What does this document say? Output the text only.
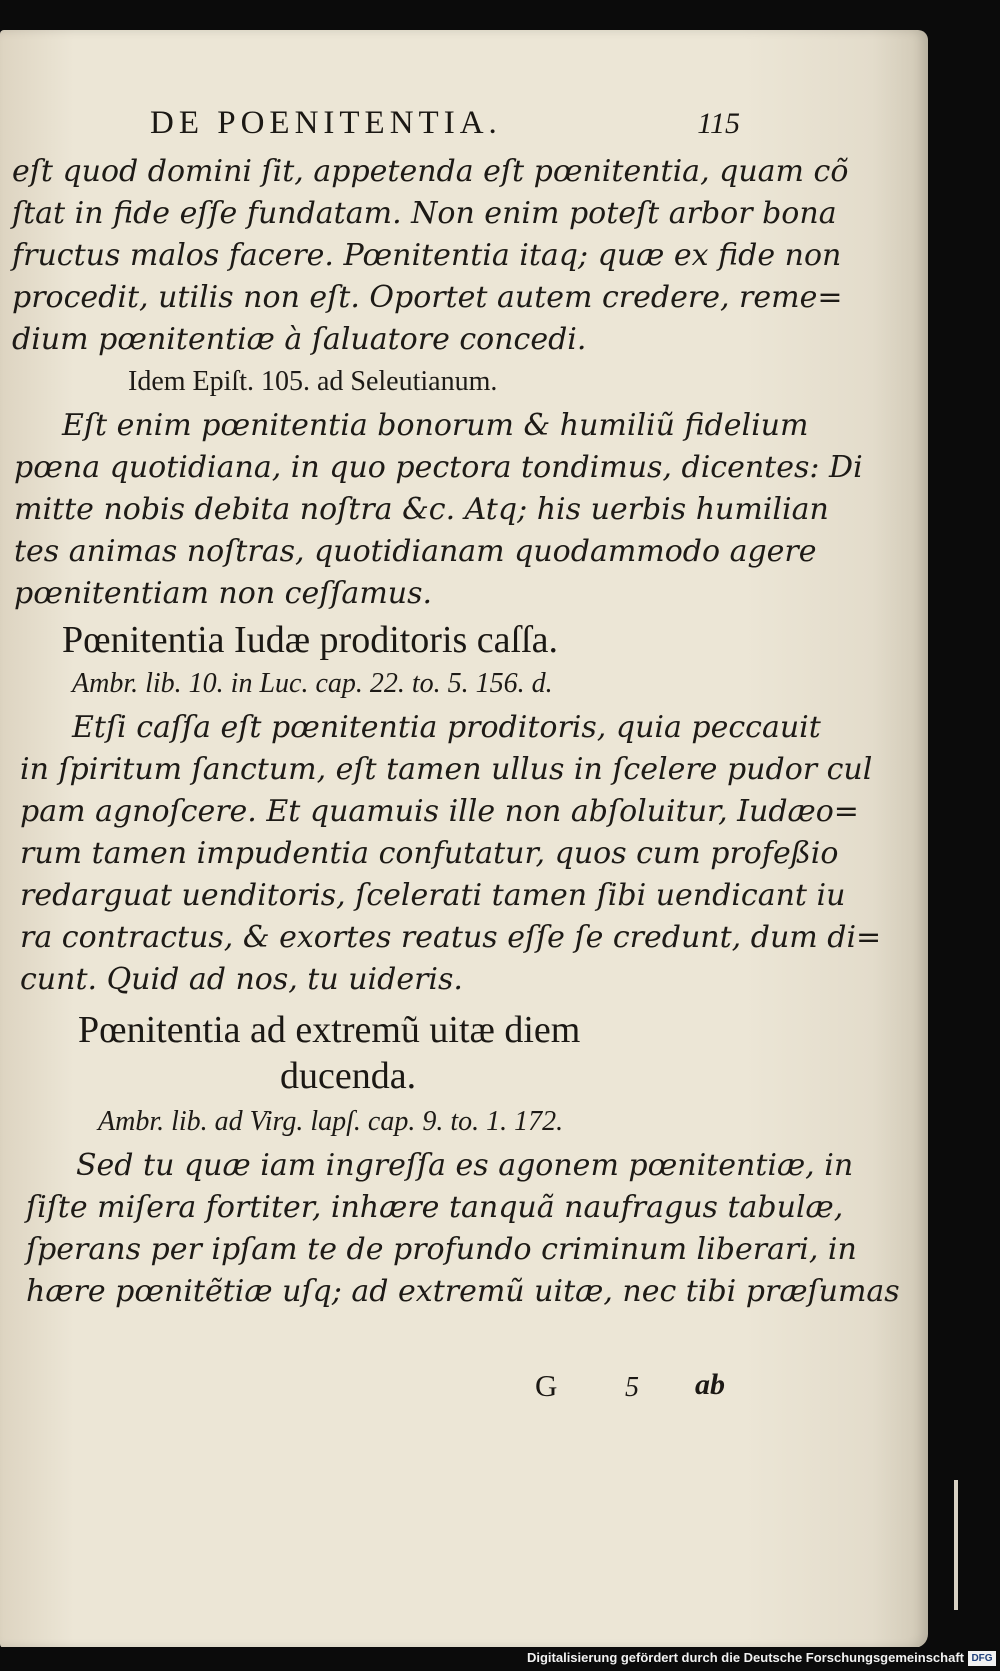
DE POENITENTIA.	115
eſt quod domini ſit, appetenda eſt pœnitentia, quam cõ
ſtat in fide eſſe fundatam. Non enim poteſt arbor bona
fructus malos facere. Pœnitentia itaq; quæ ex fide non
procedit, utilis non eſt. Oportet autem credere, reme=
dium pœnitentiæ à ſaluatore concedi.
Idem Epiſt. 105. ad Seleutianum.
Eſt enim pœnitentia bonorum & humiliũ fidelium
pœna quotidiana, in quo pectora tondimus, dicentes: Di
mitte nobis debita noſtra &c. Atq; his uerbis humilian
tes animas noſtras, quotidianam quodammodo agere
pœnitentiam non ceſſamus.
Pœnitentia Iudæ proditoris caſſa.
Ambr. lib. 10. in Luc. cap. 22. to. 5. 156. d.
Etſi caſſa eſt pœnitentia proditoris, quia peccauit
in ſpiritum ſanctum, eſt tamen ullus in ſcelere pudor cul
pam agnoſcere. Et quamuis ille non abſoluitur, Iudæo=
rum tamen impudentia confutatur, quos cum profeßio
redarguat uenditoris, ſcelerati tamen ſibi uendicant iu
ra contractus, & exortes reatus eſſe ſe credunt, dum di=
cunt. Quid ad nos, tu uideris.
Pœnitentia ad extremũ uitæ diem
ducenda.
Ambr. lib. ad Virg. lapſ. cap. 9. to. 1. 172.
Sed tu quæ iam ingreſſa es agonem pœnitentiæ, in
ſiſte miſera fortiter, inhære tanquã naufragus tabulæ,
ſperans per ipſam te de profundo criminum liberari, in
hære pœnitẽtiæ uſq; ad extremũ uitæ, nec tibi præſumas
G 5 ab
Digitalisierung gefördert durch die Deutsche Forschungsgemeinschaft DFG
